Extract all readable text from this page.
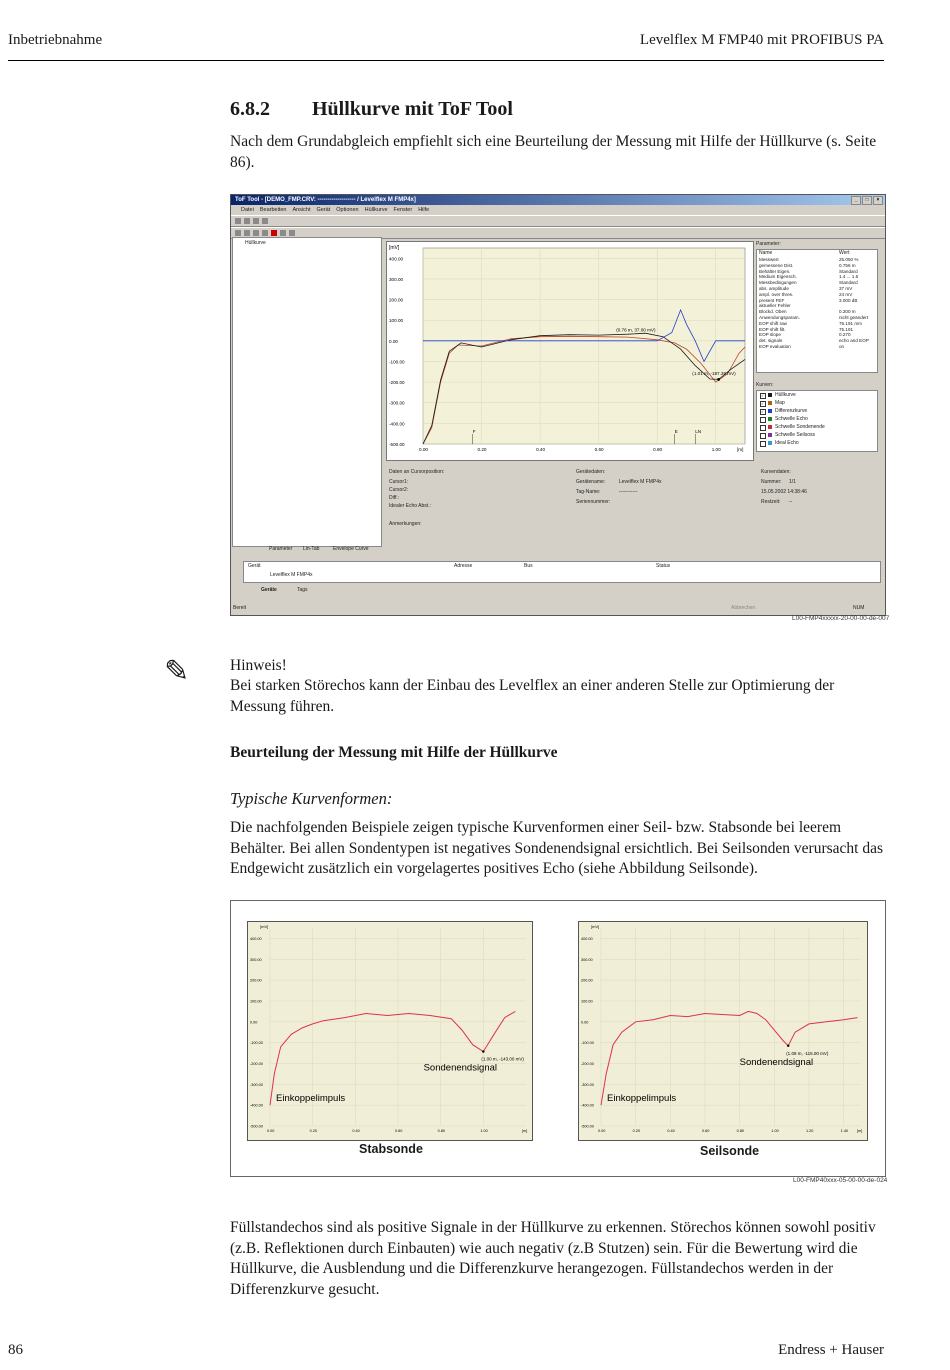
Inbetriebnahme	Levelflex M FMP40 mit PROFIBUS PA
6.8.2 Hüllkurve mit ToF Tool

Nach dem Grundabgleich empfiehlt sich eine Beurteilung der Messung mit Hilfe der Hüllkurve (s. Seite 86).

ToF Tool - [DEMO_FMP.CRV: ------------------- / Levelflex M FMP4x]	_	□	×
Datei Bearbeiten Ansicht Gerät Optionen Hüllkurve Fenster Hilfe
Hüllkurve
Parameter Lin-Tab	Envelope Curve
[mV]
400.00
300.00
200.00
100.00
0.00
-100.00
-200.00
-300.00
-400.00
-500.00
0.00	0.20	0.40	0.60	0.80	1.00	[m]
(0.76 m, 37.00 mV)
(1.01 m, -187.39 mV)
F	E	LN
Parameter:
Name	Wert
Messwert	25.050 %
gemessene Dist.	0.756 m
Behälter Eigen.	Standard
Medium Eigensch.	1.4 ... 1.6
Messbedingungen	Standard
abs. amplitude	37 mV
ampl. over thres.	24 mV
present FEF	3.000 dB
aktueller Fehler
Blockd. Oben	0.200 m
Anwendungsparam.	nicht geändert
EOP shift raw	75.191 mm
EOP shift filt.	75.191
EOP slope	0.270
det. signals	echo and EOP
EOP evaluation	on
Kurven:
✓	Hüllkurve
✓	Map
✓	Differenzkurve
Schwelle Echo
Schwelle Sondenende
Schwelle Seilsoss
Ideal Echo
Daten an Cursorposition:	Gerätedaten:	Kurvendaten:
Anmerkungen:
Gerät	Adresse	Bus	Status
Levelflex M FMP4x
Geräte	Tags
Bereit	Abbrechen	NUM
Cursor1:
Cursor2:
Diff.:
Idealer Echo Abst.:
Gerätename:	Levelflex M FMP4x
Tag-Name:	-----------
Seriennummer:
Nummer: 1/1
15.05.2002 14:38:46
Restzeit: --
L00-FMP4xxxxx-20-00-00-de-007
✎	Hinweis!

Bei starken Störechos kann der Einbau des Levelflex an einer anderen Stelle zur Optimierung der Messung führen.

Beurteilung der Messung mit Hilfe der Hüllkurve

Typische Kurvenformen:

Die nachfolgenden Beispiele zeigen typische Kurvenformen einer Seil- bzw. Stabsonde bei leerem Behälter. Bei allen Sondentypen ist negatives Sondenendsignal ersichtlich. Bei Seilsonden verursacht das Endgewicht zusätzlich ein vorgelagertes positives Echo (siehe Abbildung Seilsonde).

[mV]
400.00
300.00
200.00
100.00
0.00
-100.00
-200.00
-300.00
-400.00
-500.00
0.00	0.20	0.40	0.60	0.80	1.00	[m]
(1.00 m, -143.00 mV)
Sondenendsignal
Einkoppelimpuls
Stabsonde
[mV]
400.00
300.00
200.00
100.00
0.00
-100.00
-200.00
-300.00
-400.00
-500.00
0.00	0.20	0.40	0.60	0.80	1.00	1.20	1.40 [m]
(1.08 m, -115.00 mV)
Sondenendsignal
Einkoppelimpuls
Seilsonde
L00-FMP40xxx-05-00-00-de-024

Füllstandechos sind als positive Signale in der Hüllkurve zu erkennen. Störechos können sowohl positiv (z.B. Reflektionen durch Einbauten) wie auch negativ (z.B Stutzen) sein. Für die Bewertung wird die Hüllkurve, die Ausblendung und die Differenzkurve herangezogen. Füllstandechos werden in der Differenzkurve gesucht.

86	Endress + Hauser
